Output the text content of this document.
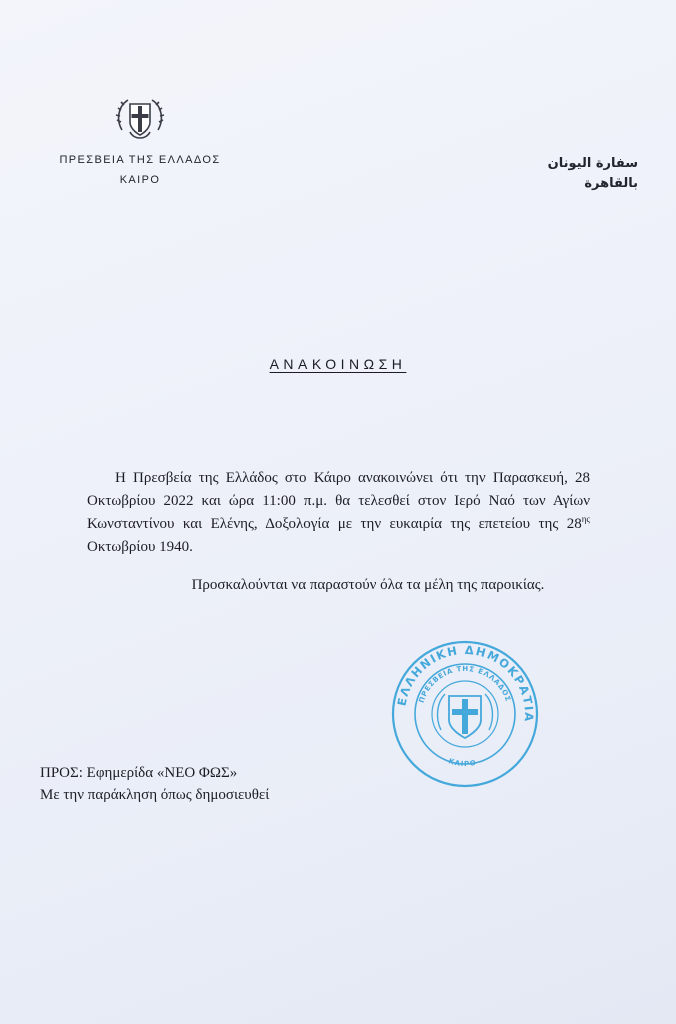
ΠΡΕΣΒΕΙΑ ΤΗΣ ΕΛΛΑΔΟΣ
ΚΑΙΡΟ
سفارة اليونان
بالقاهرة
ΑΝΑΚΟΙΝΩΣΗ

Η Πρεσβεία της Ελλάδος στο Κάιρο ανακοινώνει ότι την Παρασκευή, 28 Οκτωβρίου 2022 και ώρα 11:00 π.μ. θα τελεσθεί στον Ιερό Ναό των Αγίων Κωνσταντίνου και Ελένης, Δοξολογία με την ευκαιρία της επετείου της $28^{\eta\varsigma}$ Οκτωβρίου 1940.

Προσκαλούνται να παραστούν όλα τα μέλη της παροικίας.

ΕΛΛΗΝΙΚΗ ΔΗΜΟΚΡΑΤΙΑ
ΠΡΕΣΒΕΙΑ ΤΗΣ ΕΛΛΑΔΟΣ
ΚΑΙΡΟ
ΠΡΟΣ: Εφημερίδα «ΝΕΟ ΦΩΣ»
Με την παράκληση όπως δημοσιευθεί
